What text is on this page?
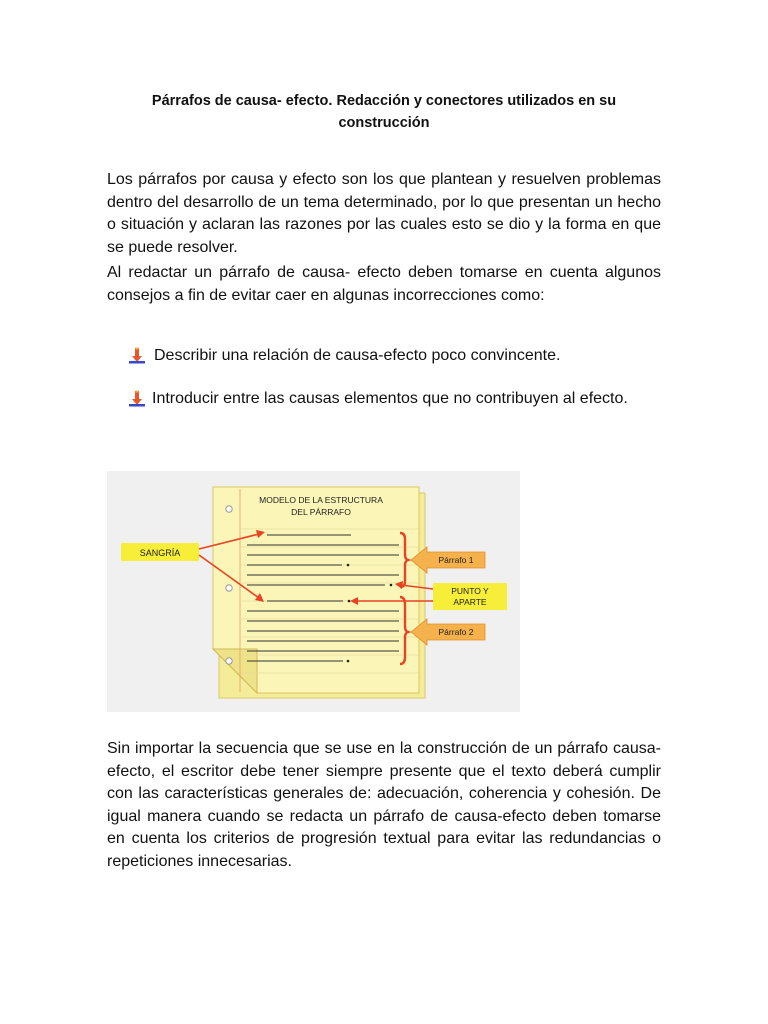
Párrafos de causa- efecto. Redacción y conectores utilizados en su
construcción
Los párrafos por causa y efecto son los que plantean y resuelven problemas dentro del desarrollo de un tema determinado, por lo que presentan un hecho o situación y aclaran las razones por las cuales esto se dio y la forma en que se puede resolver.
Al redactar un párrafo de causa- efecto deben tomarse en cuenta algunos consejos a fin de evitar caer en algunas incorrecciones como:
Describir una relación de causa-efecto poco convincente.
Introducir entre las causas elementos que no contribuyen al efecto.
MODELO DE LA ESTRUCTURA
DEL PÁRRAFO
SANGRÍA
Párrafo 1
PUNTO Y
APARTE
Párrafo 2
Sin importar la secuencia que se use en la construcción de un párrafo causa-efecto, el escritor debe tener siempre presente que el texto deberá cumplir con las características generales de: adecuación, coherencia y cohesión. De igual manera cuando se redacta un párrafo de causa-efecto deben tomarse en cuenta los criterios de progresión textual para evitar las redundancias o repeticiones innecesarias.
